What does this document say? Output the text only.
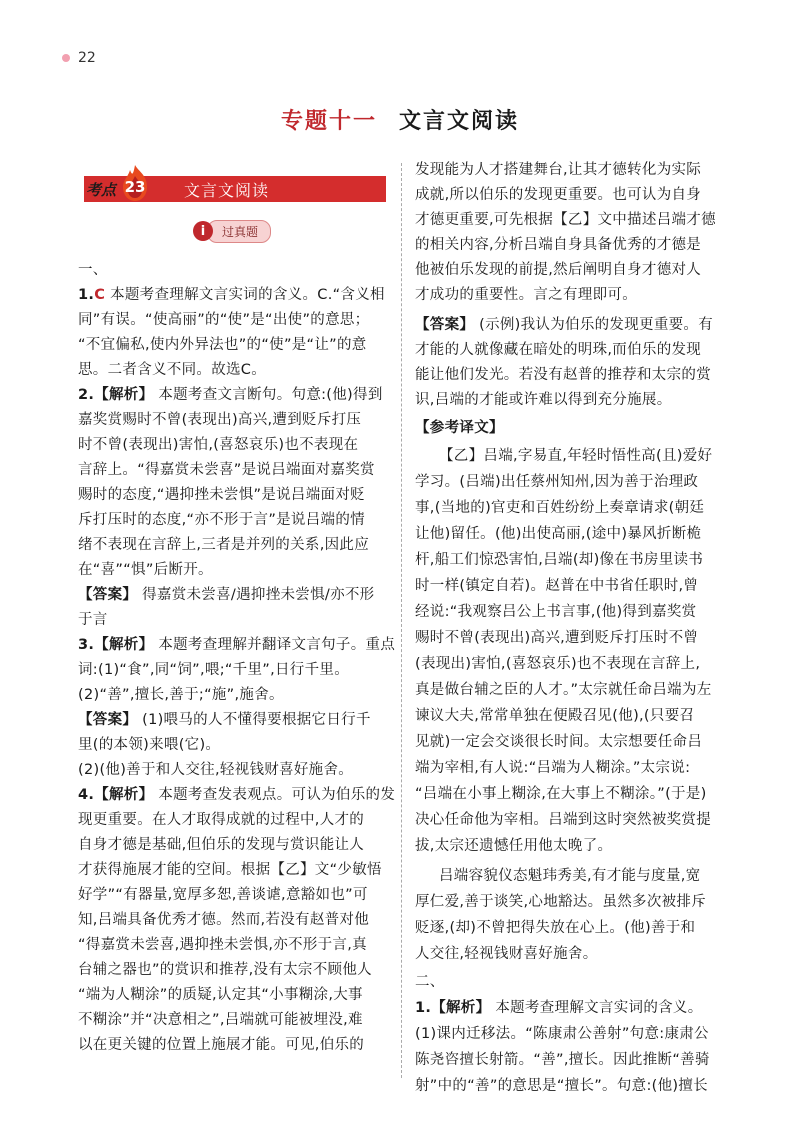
22
专题十一 文言文阅读
考点 23 文言文阅读
i	过真题
一、
1.C 本题考查理解文言实词的含义。C.“含义相
同”有误。“使高丽”的“使”是“出使”的意思；
“不宜偏私,使内外异法也”的“使”是“让”的意
思。二者含义不同。故选C。
2.【解析】 本题考查文言断句。句意:(他)得到
嘉奖赏赐时不曾(表现出)高兴,遭到贬斥打压
时不曾(表现出)害怕,(喜怒哀乐)也不表现在
言辞上。“得嘉赏未尝喜”是说吕端面对嘉奖赏
赐时的态度,“遇抑挫未尝惧”是说吕端面对贬
斥打压时的态度,“亦不形于言”是说吕端的情
绪不表现在言辞上,三者是并列的关系,因此应
在“喜”“惧”后断开。
【答案】 得嘉赏未尝喜/遇抑挫未尝惧/亦不形
于言
3.【解析】 本题考查理解并翻译文言句子。重点
词:(1)“食”,同“饲”,喂;“千里”,日行千里。
(2)“善”,擅长,善于;“施”,施舍。
【答案】 (1)喂马的人不懂得要根据它日行千
里(的本领)来喂(它)。
(2)(他)善于和人交往,轻视钱财喜好施舍。
4.【解析】 本题考查发表观点。可认为伯乐的发
现更重要。在人才取得成就的过程中,人才的
自身才德是基础,但伯乐的发现与赏识能让人
才获得施展才能的空间。根据【乙】文“少敏悟
好学”“有器量,宽厚多恕,善谈谑,意豁如也”可
知,吕端具备优秀才德。然而,若没有赵普对他
“得嘉赏未尝喜,遇抑挫未尝惧,亦不形于言,真
台辅之器也”的赏识和推荐,没有太宗不顾他人
“端为人糊涂”的质疑,认定其“小事糊涂,大事
不糊涂”并“决意相之”,吕端就可能被埋没,难
以在更关键的位置上施展才能。可见,伯乐的
发现能为人才搭建舞台,让其才德转化为实际
成就,所以伯乐的发现更重要。也可认为自身
才德更重要,可先根据【乙】文中描述吕端才德
的相关内容,分析吕端自身具备优秀的才德是
他被伯乐发现的前提,然后阐明自身才德对人
才成功的重要性。言之有理即可。
【答案】 (示例)我认为伯乐的发现更重要。有
才能的人就像藏在暗处的明珠,而伯乐的发现
能让他们发光。若没有赵普的推荐和太宗的赏
识,吕端的才能或许难以得到充分施展。
【参考译文】
【乙】吕端,字易直,年轻时悟性高(且)爱好
学习。(吕端)出任蔡州知州,因为善于治理政
事,(当地的)官吏和百姓纷纷上奏章请求(朝廷
让他)留任。(他)出使高丽,(途中)暴风折断桅
杆,船工们惊恐害怕,吕端(却)像在书房里读书
时一样(镇定自若)。赵普在中书省任职时,曾
经说:“我观察吕公上书言事,(他)得到嘉奖赏
赐时不曾(表现出)高兴,遭到贬斥打压时不曾
(表现出)害怕,(喜怒哀乐)也不表现在言辞上,
真是做台辅之臣的人才。”太宗就任命吕端为左
谏议大夫,常常单独在便殿召见(他),(只要召
见就)一定会交谈很长时间。太宗想要任命吕
端为宰相,有人说:“吕端为人糊涂。”太宗说:
“吕端在小事上糊涂,在大事上不糊涂。”(于是)
决心任命他为宰相。吕端到这时突然被奖赏提
拔,太宗还遗憾任用他太晚了。
吕端容貌仪态魁玮秀美,有才能与度量,宽
厚仁爱,善于谈笑,心地豁达。虽然多次被排斥
贬逐,(却)不曾把得失放在心上。(他)善于和
人交往,轻视钱财喜好施舍。
二、
1.【解析】 本题考查理解文言实词的含义。
(1)课内迁移法。“陈康肃公善射”句意:康肃公
陈尧咨擅长射箭。“善”,擅长。因此推断“善骑
射”中的“善”的意思是“擅长”。句意:(他)擅长
